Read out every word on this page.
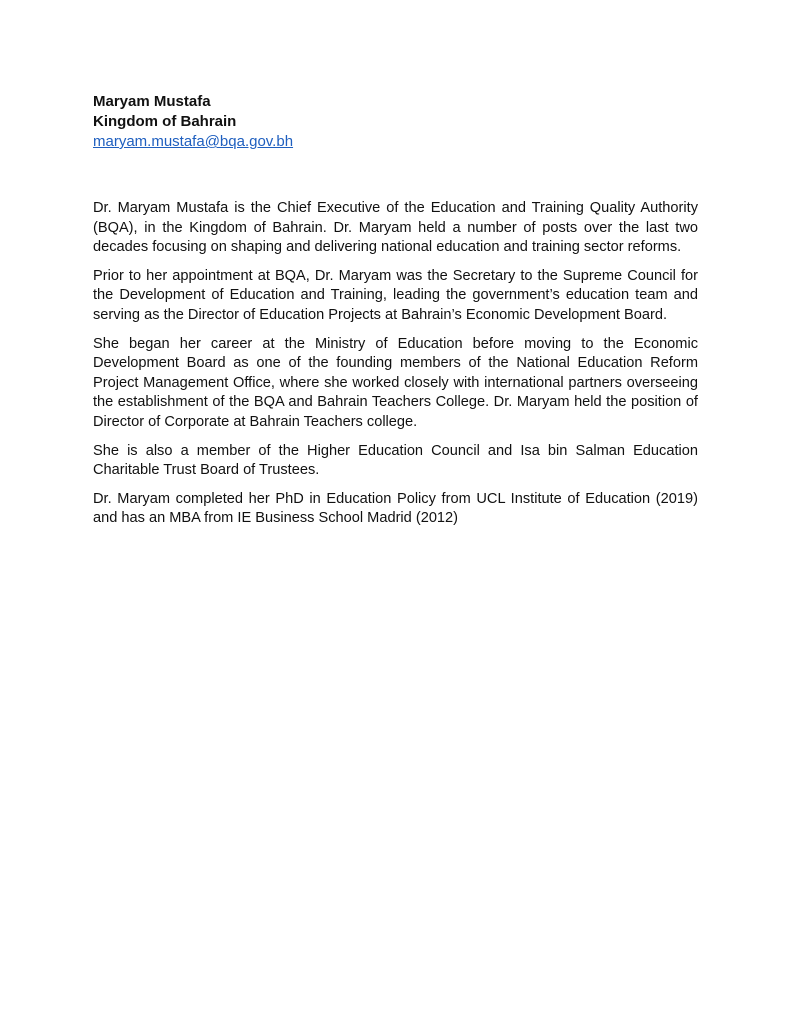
Maryam Mustafa
Kingdom of Bahrain
maryam.mustafa@bqa.gov.bh

Dr. Maryam Mustafa is the Chief Executive of the Education and Training Quality Authority (BQA), in the Kingdom of Bahrain. Dr. Maryam held a number of posts over the last two decades focusing on shaping and delivering national education and training sector reforms.

Prior to her appointment at BQA, Dr. Maryam was the Secretary to the Supreme Council for the Development of Education and Training, leading the government’s education team and serving as the Director of Education Projects at Bahrain’s Economic Development Board.

She began her career at the Ministry of Education before moving to the Economic Development Board as one of the founding members of the National Education Reform Project Management Office, where she worked closely with international partners overseeing the establishment of the BQA and Bahrain Teachers College. Dr. Maryam held the position of Director of Corporate at Bahrain Teachers college.

She is also a member of the Higher Education Council and Isa bin Salman Education Charitable Trust Board of Trustees.

Dr. Maryam completed her PhD in Education Policy from UCL Institute of Education (2019) and has an MBA from IE Business School Madrid (2012)
